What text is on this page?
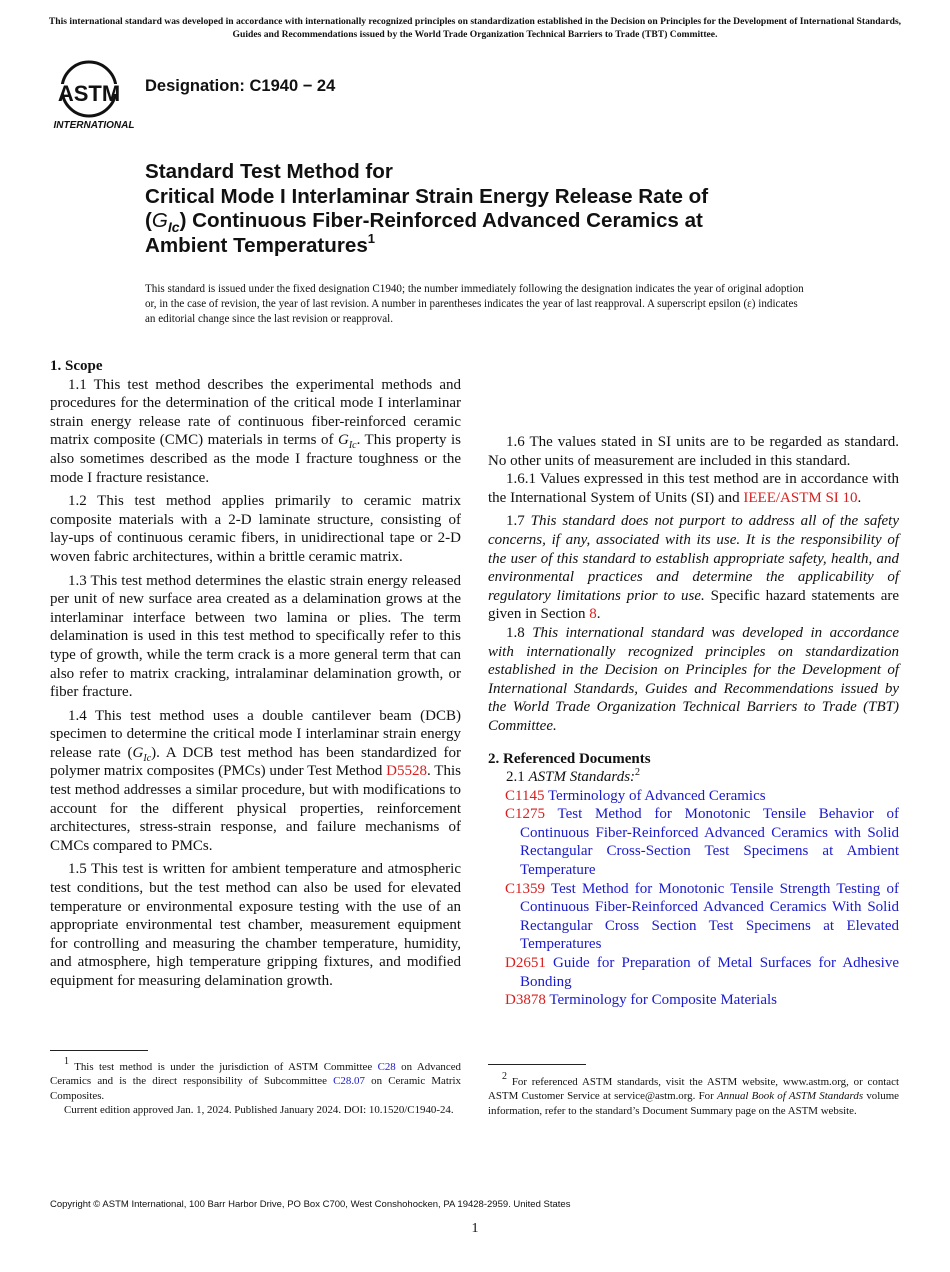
This international standard was developed in accordance with internationally recognized principles on standardization established in the Decision on Principles for the Development of International Standards, Guides and Recommendations issued by the World Trade Organization Technical Barriers to Trade (TBT) Committee.
ASTM
INTERNATIONAL
Designation: C1940 − 24
Standard Test Method for
Critical Mode I Interlaminar Strain Energy Release Rate of
$(G_{Ic})$ Continuous Fiber-Reinforced Advanced Ceramics at
Ambient Temperatures$^1$
This standard is issued under the fixed designation C1940; the number immediately following the designation indicates the year of original adoption or, in the case of revision, the year of last revision. A number in parentheses indicates the year of last reapproval. A superscript epsilon (ε) indicates an editorial change since the last revision or reapproval.

1. Scope

1.1 This test method describes the experimental methods and procedures for the determination of the critical mode I interlaminar strain energy release rate of continuous fiber-reinforced ceramic matrix composite (CMC) materials in terms of $G_{Ic}$. This property is also sometimes described as the mode I fracture toughness or the mode I fracture resistance.

1.2 This test method applies primarily to ceramic matrix composite materials with a 2-D laminate structure, consisting of lay-ups of continuous ceramic fibers, in unidirectional tape or 2-D woven fabric architectures, within a brittle ceramic matrix.

1.3 This test method determines the elastic strain energy released per unit of new surface area created as a delamination grows at the interlaminar interface between two lamina or plies. The term delamination is used in this test method to specifically refer to this type of growth, while the term crack is a more general term that can also refer to matrix cracking, intralaminar delamination growth, or fiber fracture.

1.4 This test method uses a double cantilever beam (DCB) specimen to determine the critical mode I interlaminar strain energy release rate $(G_{Ic})$. A DCB test method has been standardized for polymer matrix composites (PMCs) under Test Method D5528. This test method addresses a similar procedure, but with modifications to account for the different physical properties, reinforcement architectures, stress-strain response, and failure mechanisms of CMCs compared to PMCs.

1.5 This test is written for ambient temperature and atmospheric test conditions, but the test method can also be used for elevated temperature or environmental exposure testing with the use of an appropriate environmental test chamber, measurement equipment for controlling and measuring the chamber temperature, humidity, and atmosphere, high temperature gripping fixtures, and modified equipment for measuring delamination growth.

1.6 The values stated in SI units are to be regarded as standard. No other units of measurement are included in this standard.

1.6.1 Values expressed in this test method are in accordance with the International System of Units (SI) and IEEE/ASTM SI 10.

1.7 This standard does not purport to address all of the safety concerns, if any, associated with its use. It is the responsibility of the user of this standard to establish appropriate safety, health, and environmental practices and determine the applicability of regulatory limitations prior to use. Specific hazard statements are given in Section 8.

1.8 This international standard was developed in accordance with internationally recognized principles on standardization established in the Decision on Principles for the Development of International Standards, Guides and Recommendations issued by the World Trade Organization Technical Barriers to Trade (TBT) Committee.

2. Referenced Documents

2.1 ASTM Standards:$^2$

C1145 Terminology of Advanced Ceramics

C1275 Test Method for Monotonic Tensile Behavior of Continuous Fiber-Reinforced Advanced Ceramics with Solid Rectangular Cross-Section Test Specimens at Ambient Temperature

C1359 Test Method for Monotonic Tensile Strength Testing of Continuous Fiber-Reinforced Advanced Ceramics With Solid Rectangular Cross Section Test Specimens at Elevated Temperatures

D2651 Guide for Preparation of Metal Surfaces for Adhesive Bonding

D3878 Terminology for Composite Materials

1 This test method is under the jurisdiction of ASTM Committee C28 on Advanced Ceramics and is the direct responsibility of Subcommittee C28.07 on Ceramic Matrix Composites.

Current edition approved Jan. 1, 2024. Published January 2024. DOI: 10.1520/C1940-24.

2 For referenced ASTM standards, visit the ASTM website, www.astm.org, or contact ASTM Customer Service at service@astm.org. For Annual Book of ASTM Standards volume information, refer to the standard’s Document Summary page on the ASTM website.

Copyright © ASTM International, 100 Barr Harbor Drive, PO Box C700, West Conshohocken, PA 19428-2959. United States
1
